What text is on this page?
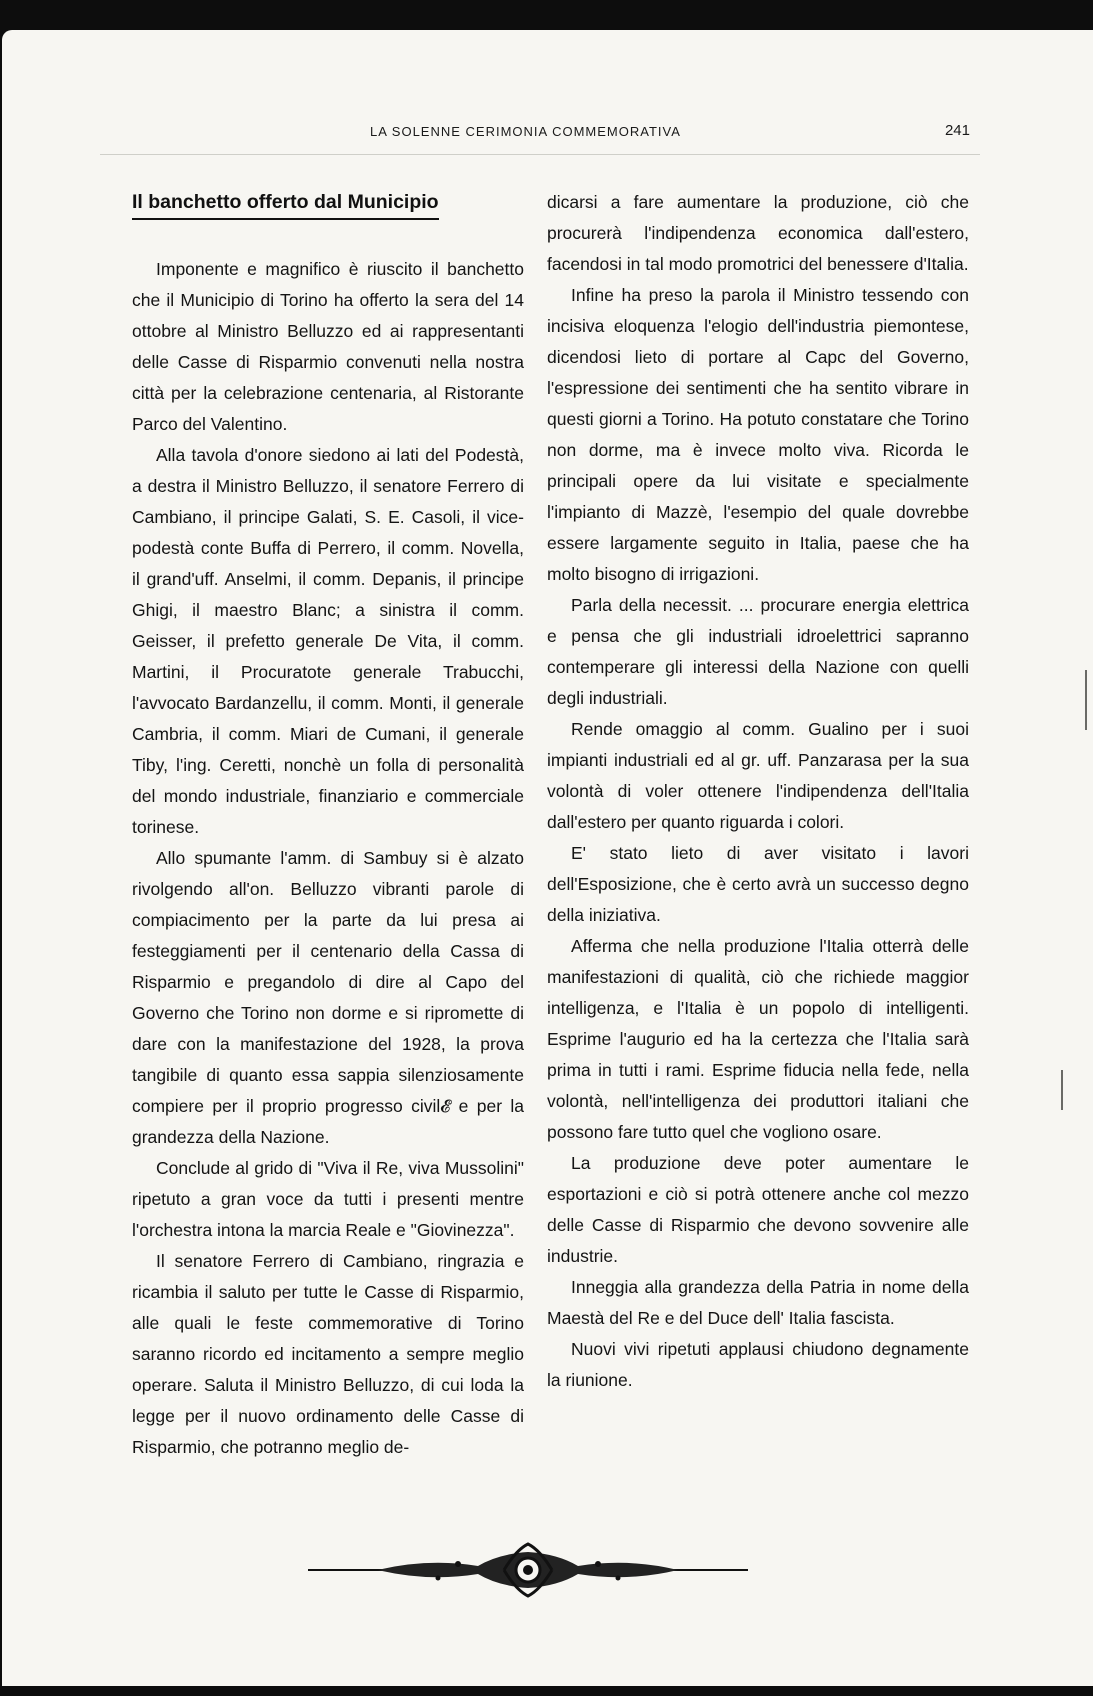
LA SOLENNE CERIMONIA COMMEMORATIVA	241
Il banchetto offerto dal Municipio

Imponente e magnifico è riuscito il banchetto che il Municipio di Torino ha offerto la sera del 14 ottobre al Ministro Belluzzo ed ai rappresentanti delle Casse di Risparmio convenuti nella nostra città per la celebrazione centenaria, al Ristorante Parco del Valentino.

Alla tavola d'onore siedono ai lati del Podestà, a destra il Ministro Belluzzo, il senatore Ferrero di Cambiano, il principe Galati, S. E. Casoli, il vice-podestà conte Buffa di Perrero, il comm. Novella, il grand'uff. Anselmi, il comm. Depanis, il principe Ghigi, il maestro Blanc; a sinistra il comm. Geisser, il prefetto generale De Vita, il comm. Martini, il Procuratote generale Trabucchi, l'avvocato Bardanzellu, il comm. Monti, il generale Cambria, il comm. Miari de Cumani, il generale Tiby, l'ing. Ceretti, nonchè un folla di personalità del mondo industriale, finanziario e commerciale torinese.

Allo spumante l'amm. di Sambuy si è alzato rivolgendo all'on. Belluzzo vibranti parole di compiacimento per la parte da lui presa ai festeggiamenti per il centenario della Cassa di Risparmio e pregandolo di dire al Capo del Governo che Torino non dorme e si ripromette di dare con la manifestazione del 1928, la prova tangibile di quanto essa sappia silenziosamente compiere per il proprio progresso civil𝓔 e per la grandezza della Nazione.

Conclude al grido di "Viva il Re, viva Mussolini" ripetuto a gran voce da tutti i presenti mentre l'orchestra intona la marcia Reale e "Giovinezza".

Il senatore Ferrero di Cambiano, ringrazia e ricambia il saluto per tutte le Casse di Risparmio, alle quali le feste commemorative di Torino saranno ricordo ed incitamento a sempre meglio operare. Saluta il Ministro Belluzzo, di cui loda la legge per il nuovo ordinamento delle Casse di Risparmio, che potranno meglio de-

dicarsi a fare aumentare la produzione, ciò che procurerà l'indipendenza economica dall'estero, facendosi in tal modo promotrici del benessere d'Italia.

Infine ha preso la parola il Ministro tessendo con incisiva eloquenza l'elogio dell'industria piemontese, dicendosi lieto di portare al Capc del Governo, l'espressione dei sentimenti che ha sentito vibrare in questi giorni a Torino. Ha potuto constatare che Torino non dorme, ma è invece molto viva. Ricorda le principali opere da lui visitate e specialmente l'impianto di Mazzè, l'esempio del quale dovrebbe essere largamente seguito in Italia, paese che ha molto bisogno di irrigazioni.

Parla della necessit. ... procurare energia elettrica e pensa che gli industriali idroelettrici sapranno contemperare gli interessi della Nazione con quelli degli industriali.

Rende omaggio al comm. Gualino per i suoi impianti industriali ed al gr. uff. Panzarasa per la sua volontà di voler ottenere l'indipendenza dell'Italia dall'estero per quanto riguarda i colori.

E' stato lieto di aver visitato i lavori dell'Esposizione, che è certo avrà un successo degno della iniziativa.

Afferma che nella produzione l'Italia otterrà delle manifestazioni di qualità, ciò che richiede maggior intelligenza, e l'Italia è un popolo di intelligenti. Esprime l'augurio ed ha la certezza che l'Italia sarà prima in tutti i rami. Esprime fiducia nella fede, nella volontà, nell'intelligenza dei produttori italiani che possono fare tutto quel che vogliono osare.

La produzione deve poter aumentare le esportazioni e ciò si potrà ottenere anche col mezzo delle Casse di Risparmio che devono sovvenire alle industrie.

Inneggia alla grandezza della Patria in nome della Maestà del Re e del Duce dell' Italia fascista.

Nuovi vivi ripetuti applausi chiudono degnamente la riunione.
